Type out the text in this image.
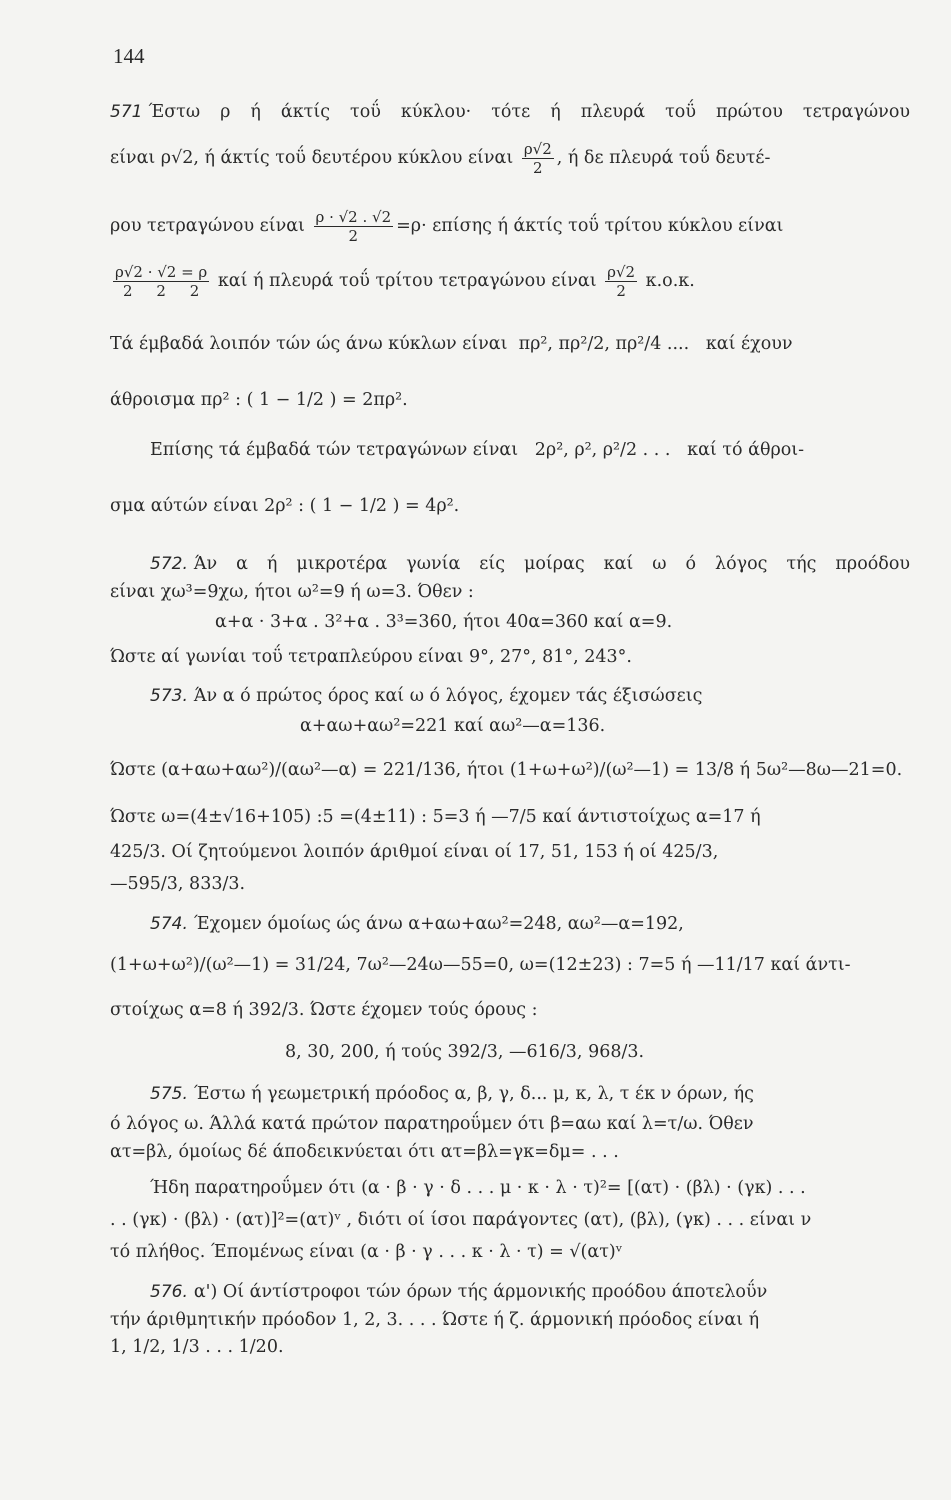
144
571 Έστω ρ ή άκτίς τοΰ κύκλου· τότε ή πλευρά τοΰ πρώτου τετραγώνου
είναι ρ√2, ή άκτίς τοΰ δευτέρου κύκλου είναι $\frac{\rho√2}{2}$ , ή δε πλευρά τοΰ δευτέ-
ρου τετραγώνου είναι $\frac{\rho \cdot √2 . √2}{2} =\rho\cdot \varepsilon\pi ί\sigma\eta\varsigma$ ή άκτίς τοΰ τρίτου κύκλου είναι
$\frac{\rho√2 \cdot √2 = \rho}{2 2 2}$ καί ή πλευρά τοΰ τρίτου τετραγώνου είναι $\frac{\rho√2}{2} \kappa.o.\kappa$.
Τά έμβαδά λοιπόν τών ώς άνω κύκλων είναι πρ², πρ²/2, πρ²/4 .... καί έχουν
άθροισμα πρ² : ( 1 − 1/2 ) = 2πρ².
Επίσης τά έμβαδά τών τετραγώνων είναι 2ρ², ρ², ρ²/2 . . . καί τό άθροι-
σμα αύτών είναι 2ρ² : ( 1 − 1/2 ) = 4ρ².
572. Άν α ή μικροτέρα γωνία είς μοίρας καί ω ό λόγος τής προόδου
είναι χω³=9χω, ήτοι ω²=9 ή ω=3. Όθεν :
α+α · 3+α . 3²+α . 3³=360, ήτοι 40α=360 καί α=9.
Ώστε αί γωνίαι τοΰ τετραπλεύρου είναι 9°, 27°, 81°, 243°.
573. Άν α ό πρώτος όρος καί ω ό λόγος, έχομεν τάς έξισώσεις
α+αω+αω²=221 καί αω²—α=136.
Ώστε (α+αω+αω²)/(αω²—α) = 221/136, ήτοι (1+ω+ω²)/(ω²—1) = 13/8 ή 5ω²—8ω—21=0.
Ώστε ω=(4±√16+105) :5 =(4±11) : 5=3 ή —7/5 καί άντιστοίχως α=17 ή
425/3. Οί ζητούμενοι λοιπόν άριθμοί είναι οί 17, 51, 153 ή οί 425/3,
—595/3, 833/3.
574. Έχομεν όμοίως ώς άνω α+αω+αω²=248, αω²—α=192,
(1+ω+ω²)/(ω²—1) = 31/24, 7ω²—24ω—55=0, ω=(12±23) : 7=5 ή —11/17 καί άντι-
στοίχως α=8 ή 392/3. Ώστε έχομεν τούς όρους :
8, 30, 200, ή τούς 392/3, —616/3, 968/3.
575. Έστω ή γεωμετρική πρόοδος α, β, γ, δ... μ, κ, λ, τ έκ ν όρων, ής
ό λόγος ω. Άλλά κατά πρώτον παρατηροΰμεν ότι β=αω καί λ=τ/ω. Όθεν
ατ=βλ, όμοίως δέ άποδεικνύεται ότι ατ=βλ=γκ=δμ= . . .
Ήδη παρατηροΰμεν ότι (α · β · γ · δ . . . μ · κ · λ · τ)²= [(ατ) · (βλ) · (γκ) . . .
. . (γκ) · (βλ) · (ατ)]²=(ατ)ᵛ , διότι οί ίσοι παράγοντες (ατ), (βλ), (γκ) . . . είναι ν
τό πλήθος. Έπομένως είναι (α · β · γ . . . κ · λ · τ) = √(ατ)ᵛ
576. α') Οί άντίστροφοι τών όρων τής άρμονικής προόδου άποτελοΰν
τήν άριθμητικήν πρόοδον 1, 2, 3. . . . Ώστε ή ζ. άρμονική πρόοδος είναι ή
1, 1/2, 1/3 . . . 1/20.
